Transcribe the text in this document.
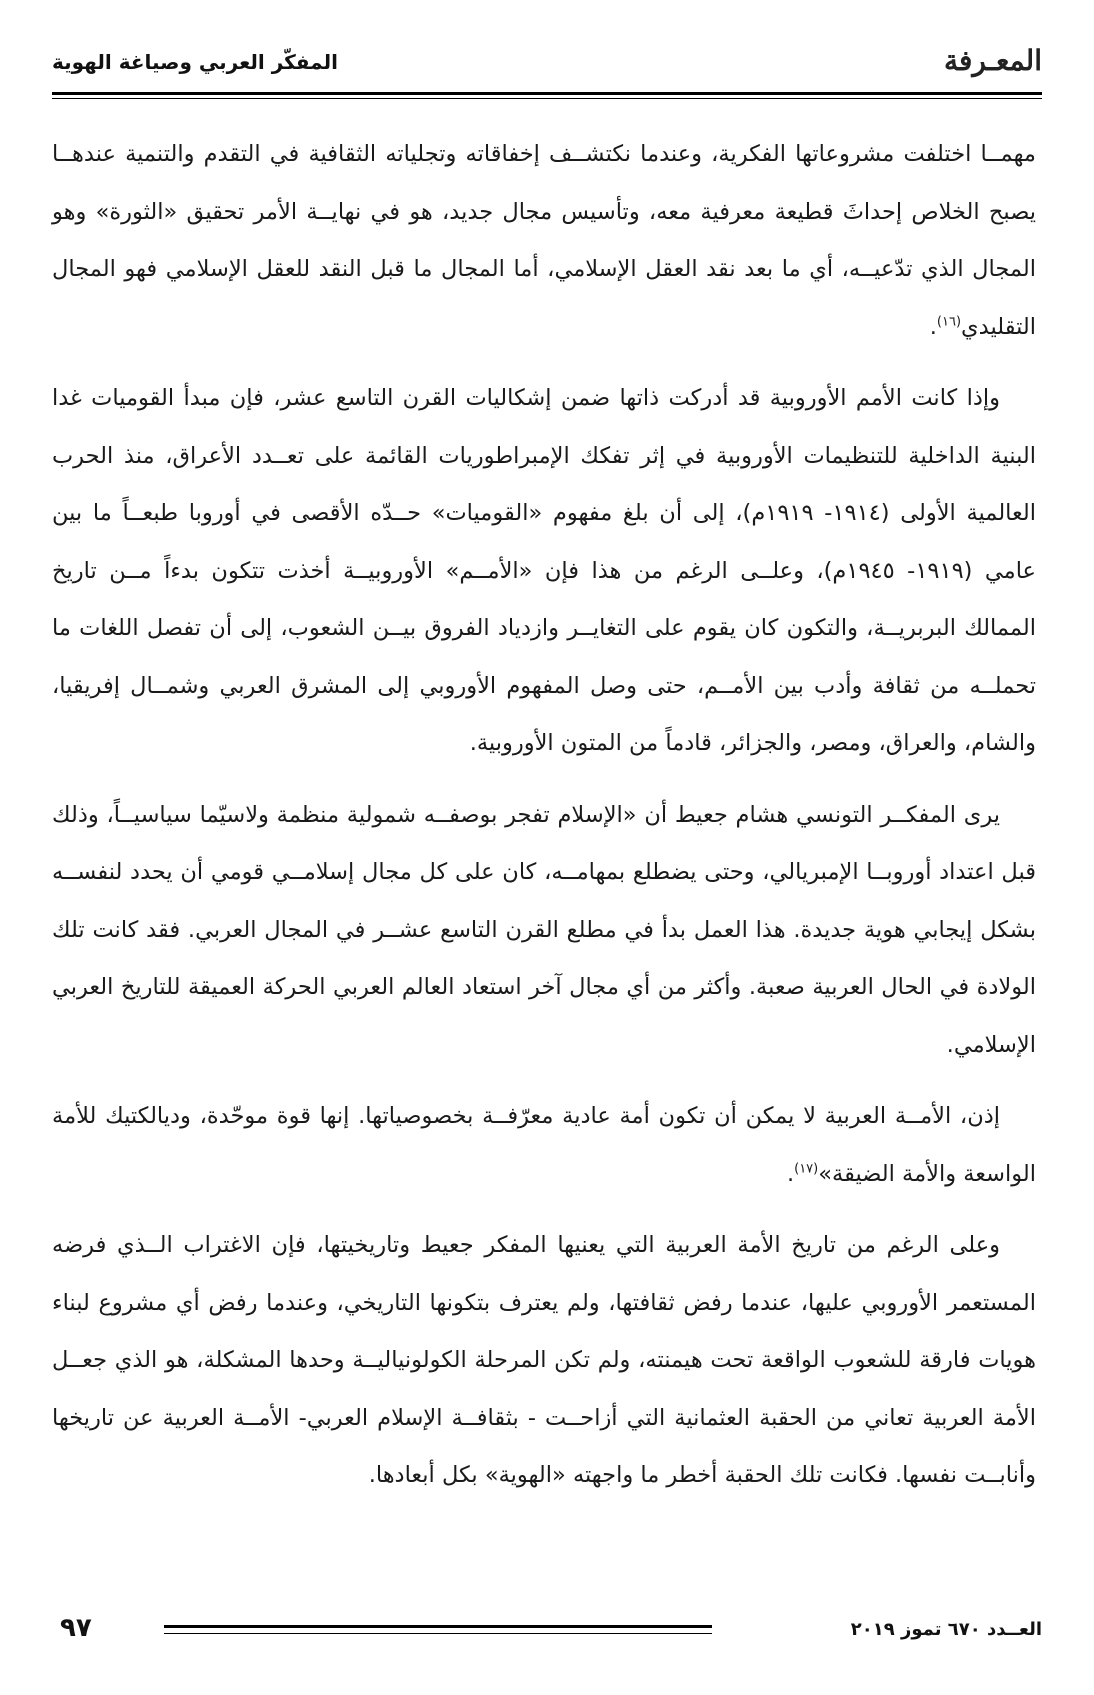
المعـرفة
المفكّر العربي وصياغة الهوية

مهمــا اختلفت مشروعاتها الفكرية، وعندما نكتشــف إخفاقاته وتجلياته الثقافية في التقدم والتنمية عندهــا يصبح الخلاص إحداثَ قطيعة معرفية معه، وتأسيس مجال جديد، هو في نهايــة الأمر تحقيق «الثورة» وهو المجال الذي تدّعيــه، أي ما بعد نقد العقل الإسلامي، أما المجال ما قبل النقد للعقل الإسلامي فهو المجال التقليدي$^{(١٦)}$.

وإذا كانت الأمم الأوروبية قد أدركت ذاتها ضمن إشكاليات القرن التاسع عشر، فإن مبدأ القوميات غدا البنية الداخلية للتنظيمات الأوروبية في إثر تفكك الإمبراطوريات القائمة على تعــدد الأعراق، منذ الحرب العالمية الأولى (١٩١٤- ١٩١٩م)، إلى أن بلغ مفهوم «القوميات» حــدّه الأقصى في أوروبا طبعــاً ما بين عامي (١٩١٩- ١٩٤٥م)، وعلــى الرغم من هذا فإن «الأمــم» الأوروبيــة أخذت تتكون بدءاً مــن تاريخ الممالك البربريــة، والتكون كان يقوم على التغايــر وازدياد الفروق بيــن الشعوب، إلى أن تفصل اللغات ما تحملــه من ثقافة وأدب بين الأمــم، حتى وصل المفهوم الأوروبي إلى المشرق العربي وشمــال إفريقيا، والشام، والعراق، ومصر، والجزائر، قادماً من المتون الأوروبية.

يرى المفكــر التونسي هشام جعيط أن «الإسلام تفجر بوصفــه شمولية منظمة ولاسيّما سياسيــاً، وذلك قبل اعتداد أوروبــا الإمبريالي، وحتى يضطلع بمهامــه، كان على كل مجال إسلامــي قومي أن يحدد لنفســه بشكل إيجابي هوية جديدة. هذا العمل بدأ في مطلع القرن التاسع عشــر في المجال العربي. فقد كانت تلك الولادة في الحال العربية صعبة. وأكثر من أي مجال آخر استعاد العالم العربي الحركة العميقة للتاريخ العربي الإسلامي.

إذن، الأمــة العربية لا يمكن أن تكون أمة عادية معرّفــة بخصوصياتها. إنها قوة موحّدة، وديالكتيك للأمة الواسعة والأمة الضيقة»$^{(١٧)}$.

وعلى الرغم من تاريخ الأمة العربية التي يعنيها المفكر جعيط وتاريخيتها، فإن الاغتراب الــذي فرضه المستعمر الأوروبي عليها، عندما رفض ثقافتها، ولم يعترف بتكونها التاريخي، وعندما رفض أي مشروع لبناء هويات فارقة للشعوب الواقعة تحت هيمنته، ولم تكن المرحلة الكولونياليــة وحدها المشكلة، هو الذي جعــل الأمة العربية تعاني من الحقبة العثمانية التي أزاحــت - بثقافــة الإسلام العربي- الأمــة العربية عن تاريخها وأنابــت نفسها. فكانت تلك الحقبة أخطر ما واجهته «الهوية» بكل أبعادها.

العــدد ٦٧٠ تموز ٢٠١٩
٩٧
